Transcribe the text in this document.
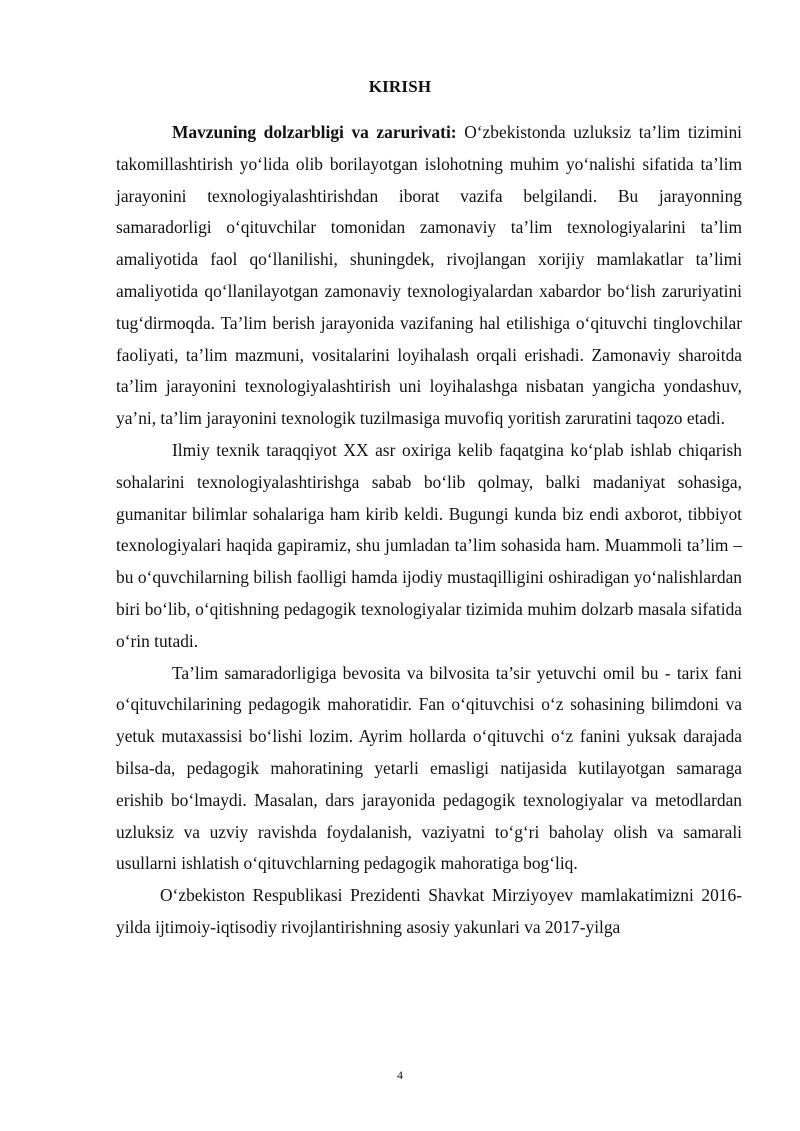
KIRISH

Mavzuning dolzarbligi va zarurivati: O‘zbekistonda uzluksiz ta’lim tizimini takomillashtirish yo‘lida olib borilayotgan islohotning muhim yo‘nalishi sifatida ta’lim jarayonini texnologiyalashtirishdan iborat vazifa belgilandi. Bu jarayonning samaradorligi o‘qituvchilar tomonidan zamonaviy ta’lim texnologiyalarini ta’lim amaliyotida faol qo‘llanilishi, shuningdek, rivojlangan xorijiy mamlakatlar ta’limi amaliyotida qo‘llanilayotgan zamonaviy texnologiyalardan xabardor bo‘lish zaruriyatini tug‘dirmoqda. Ta’lim berish jarayonida vazifaning hal etilishiga o‘qituvchi tinglovchilar faoliyati, ta’lim mazmuni, vositalarini loyihalash orqali erishadi. Zamonaviy sharoitda ta’lim jarayonini texnologiyalashtirish uni loyihalashga nisbatan yangicha yondashuv, ya’ni, ta’lim jarayonini texnologik tuzilmasiga muvofiq yoritish zaruratini taqozo etadi.

Ilmiy texnik taraqqiyot XX asr oxiriga kelib faqatgina ko‘plab ishlab chiqarish sohalarini texnologiyalashtirishga sabab bo‘lib qolmay, balki madaniyat sohasiga, gumanitar bilimlar sohalariga ham kirib keldi. Bugungi kunda biz endi axborot, tibbiyot texnologiyalari haqida gapiramiz, shu jumladan ta’lim sohasida ham. Muammoli ta’lim – bu o‘quvchilarning bilish faolligi hamda ijodiy mustaqilligini oshiradigan yo‘nalishlardan biri bo‘lib, o‘qitishning pedagogik texnologiyalar tizimida muhim dolzarb masala sifatida o‘rin tutadi.

Ta’lim samaradorligiga bevosita va bilvosita ta’sir yetuvchi omil bu - tarix fani o‘qituvchilarining pedagogik mahoratidir. Fan o‘qituvchisi o‘z sohasining bilimdoni va yetuk mutaxassisi bo‘lishi lozim. Ayrim hollarda o‘qituvchi o‘z fanini yuksak darajada bilsa-da, pedagogik mahoratining yetarli emasligi natijasida kutilayotgan samaraga erishib bo‘lmaydi. Masalan, dars jarayonida pedagogik texnologiyalar va metodlardan uzluksiz va uzviy ravishda foydalanish, vaziyatni to‘g‘ri baholay olish va samarali usullarni ishlatish o‘qituvchlarning pedagogik mahoratiga bog‘liq.

O‘zbekiston Respublikasi Prezidenti Shavkat Mirziyoyev mamlakatimizni 2016-yilda ijtimoiy-iqtisodiy rivojlantirishning asosiy yakunlari va 2017-yilga

4
